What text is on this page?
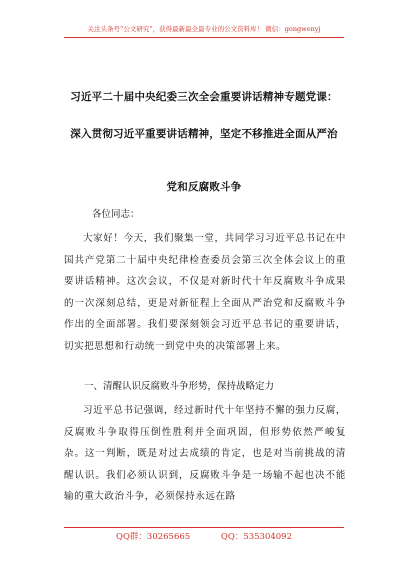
关注头条号“公文研究”，获得最新最全最专业的公文资料库！ 微信：gongwenyj
习近平二十届中央纪委三次全会重要讲话精神专题党课：
深入贯彻习近平重要讲话精神，坚定不移推进全面从严治
党和反腐败斗争
各位同志：
大家好！今天，我们聚集一堂，共同学习习近平总书记在中国共产党第二十届中央纪律检查委员会第三次全体会议上的重要讲话精神。这次会议，不仅是对新时代十年反腐败斗争成果的一次深刻总结，更是对新征程上全面从严治党和反腐败斗争作出的全面部署。我们要深刻领会习近平总书记的重要讲话，切实把思想和行动统一到党中央的决策部署上来。
一、清醒认识反腐败斗争形势，保持战略定力
习近平总书记强调，经过新时代十年坚持不懈的强力反腐，反腐败斗争取得压倒性胜利并全面巩固，但形势依然严峻复杂。这一判断，既是对过去成绩的肯定，也是对当前挑战的清醒认识。我们必须认识到，反腐败斗争是一场输不起也决不能输的重大政治斗争，必须保持永远在路
QQ群：30265665	QQ：535304092
